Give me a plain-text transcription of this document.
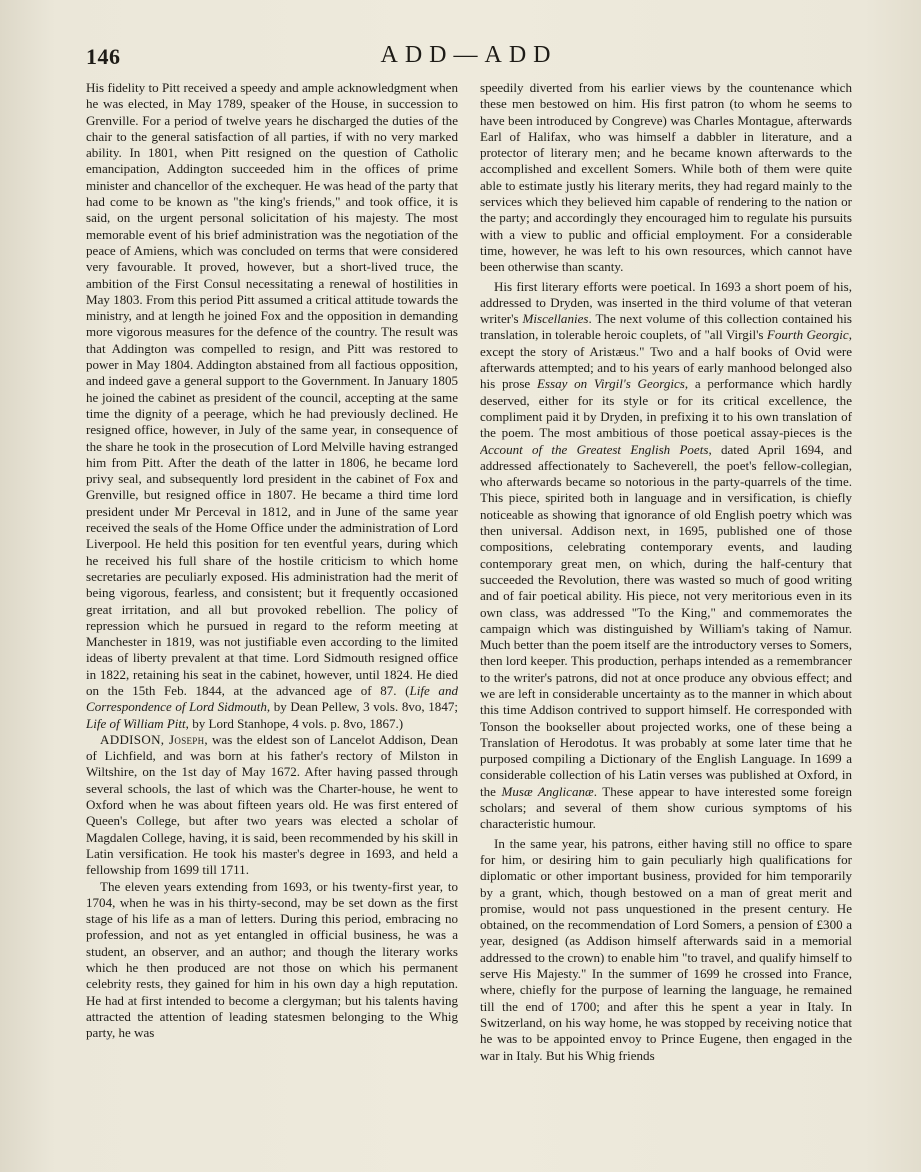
146	ADD—ADD

His fidelity to Pitt received a speedy and ample acknowledgment when he was elected, in May 1789, speaker of the House, in succession to Grenville. For a period of twelve years he discharged the duties of the chair to the general satisfaction of all parties, if with no very marked ability. In 1801, when Pitt resigned on the question of Catholic emancipation, Addington succeeded him in the offices of prime minister and chancellor of the exchequer. He was head of the party that had come to be known as "the king's friends," and took office, it is said, on the urgent personal solicitation of his majesty. The most memorable event of his brief administration was the negotiation of the peace of Amiens, which was concluded on terms that were considered very favourable. It proved, however, but a short-lived truce, the ambition of the First Consul necessitating a renewal of hostilities in May 1803. From this period Pitt assumed a critical attitude towards the ministry, and at length he joined Fox and the opposition in demanding more vigorous measures for the defence of the country. The result was that Addington was compelled to resign, and Pitt was restored to power in May 1804. Addington abstained from all factious opposition, and indeed gave a general support to the Government. In January 1805 he joined the cabinet as president of the council, accepting at the same time the dignity of a peerage, which he had previously declined. He resigned office, however, in July of the same year, in consequence of the share he took in the prosecution of Lord Melville having estranged him from Pitt. After the death of the latter in 1806, he became lord privy seal, and subsequently lord president in the cabinet of Fox and Grenville, but resigned office in 1807. He became a third time lord president under Mr Perceval in 1812, and in June of the same year received the seals of the Home Office under the administration of Lord Liverpool. He held this position for ten eventful years, during which he received his full share of the hostile criticism to which home secretaries are peculiarly exposed. His administration had the merit of being vigorous, fearless, and consistent; but it frequently occasioned great irritation, and all but provoked rebellion. The policy of repression which he pursued in regard to the reform meeting at Manchester in 1819, was not justifiable even according to the limited ideas of liberty prevalent at that time. Lord Sidmouth resigned office in 1822, retaining his seat in the cabinet, however, until 1824. He died on the 15th Feb. 1844, at the advanced age of 87. (Life and Correspondence of Lord Sidmouth, by Dean Pellew, 3 vols. 8vo, 1847; Life of William Pitt, by Lord Stanhope, 4 vols. p. 8vo, 1867.)

ADDISON, Joseph, was the eldest son of Lancelot Addison, Dean of Lichfield, and was born at his father's rectory of Milston in Wiltshire, on the 1st day of May 1672. After having passed through several schools, the last of which was the Charter-house, he went to Oxford when he was about fifteen years old. He was first entered of Queen's College, but after two years was elected a scholar of Magdalen College, having, it is said, been recommended by his skill in Latin versification. He took his master's degree in 1693, and held a fellowship from 1699 till 1711.

The eleven years extending from 1693, or his twenty-first year, to 1704, when he was in his thirty-second, may be set down as the first stage of his life as a man of letters. During this period, embracing no profession, and not as yet entangled in official business, he was a student, an observer, and an author; and though the literary works which he then produced are not those on which his permanent celebrity rests, they gained for him in his own day a high reputation. He had at first intended to become a clergyman; but his talents having attracted the attention of leading statesmen belonging to the Whig party, he was

speedily diverted from his earlier views by the countenance which these men bestowed on him. His first patron (to whom he seems to have been introduced by Congreve) was Charles Montague, afterwards Earl of Halifax, who was himself a dabbler in literature, and a protector of literary men; and he became known afterwards to the accomplished and excellent Somers. While both of them were quite able to estimate justly his literary merits, they had regard mainly to the services which they believed him capable of rendering to the nation or the party; and accordingly they encouraged him to regulate his pursuits with a view to public and official employment. For a considerable time, however, he was left to his own resources, which cannot have been otherwise than scanty.

His first literary efforts were poetical. In 1693 a short poem of his, addressed to Dryden, was inserted in the third volume of that veteran writer's Miscellanies. The next volume of this collection contained his translation, in tolerable heroic couplets, of "all Virgil's Fourth Georgic, except the story of Aristæus." Two and a half books of Ovid were afterwards attempted; and to his years of early manhood belonged also his prose Essay on Virgil's Georgics, a performance which hardly deserved, either for its style or for its critical excellence, the compliment paid it by Dryden, in prefixing it to his own translation of the poem. The most ambitious of those poetical assay-pieces is the Account of the Greatest English Poets, dated April 1694, and addressed affectionately to Sacheverell, the poet's fellow-collegian, who afterwards became so notorious in the party-quarrels of the time. This piece, spirited both in language and in versification, is chiefly noticeable as showing that ignorance of old English poetry which was then universal. Addison next, in 1695, published one of those compositions, celebrating contemporary events, and lauding contemporary great men, on which, during the half-century that succeeded the Revolution, there was wasted so much of good writing and of fair poetical ability. His piece, not very meritorious even in its own class, was addressed "To the King," and commemorates the campaign which was distinguished by William's taking of Namur. Much better than the poem itself are the introductory verses to Somers, then lord keeper. This production, perhaps intended as a remembrancer to the writer's patrons, did not at once produce any obvious effect; and we are left in considerable uncertainty as to the manner in which about this time Addison contrived to support himself. He corresponded with Tonson the bookseller about projected works, one of these being a Translation of Herodotus. It was probably at some later time that he purposed compiling a Dictionary of the English Language. In 1699 a considerable collection of his Latin verses was published at Oxford, in the Musæ Anglicanæ. These appear to have interested some foreign scholars; and several of them show curious symptoms of his characteristic humour.

In the same year, his patrons, either having still no office to spare for him, or desiring him to gain peculiarly high qualifications for diplomatic or other important business, provided for him temporarily by a grant, which, though bestowed on a man of great merit and promise, would not pass unquestioned in the present century. He obtained, on the recommendation of Lord Somers, a pension of £300 a year, designed (as Addison himself afterwards said in a memorial addressed to the crown) to enable him "to travel, and qualify himself to serve His Majesty." In the summer of 1699 he crossed into France, where, chiefly for the purpose of learning the language, he remained till the end of 1700; and after this he spent a year in Italy. In Switzerland, on his way home, he was stopped by receiving notice that he was to be appointed envoy to Prince Eugene, then engaged in the war in Italy. But his Whig friends
